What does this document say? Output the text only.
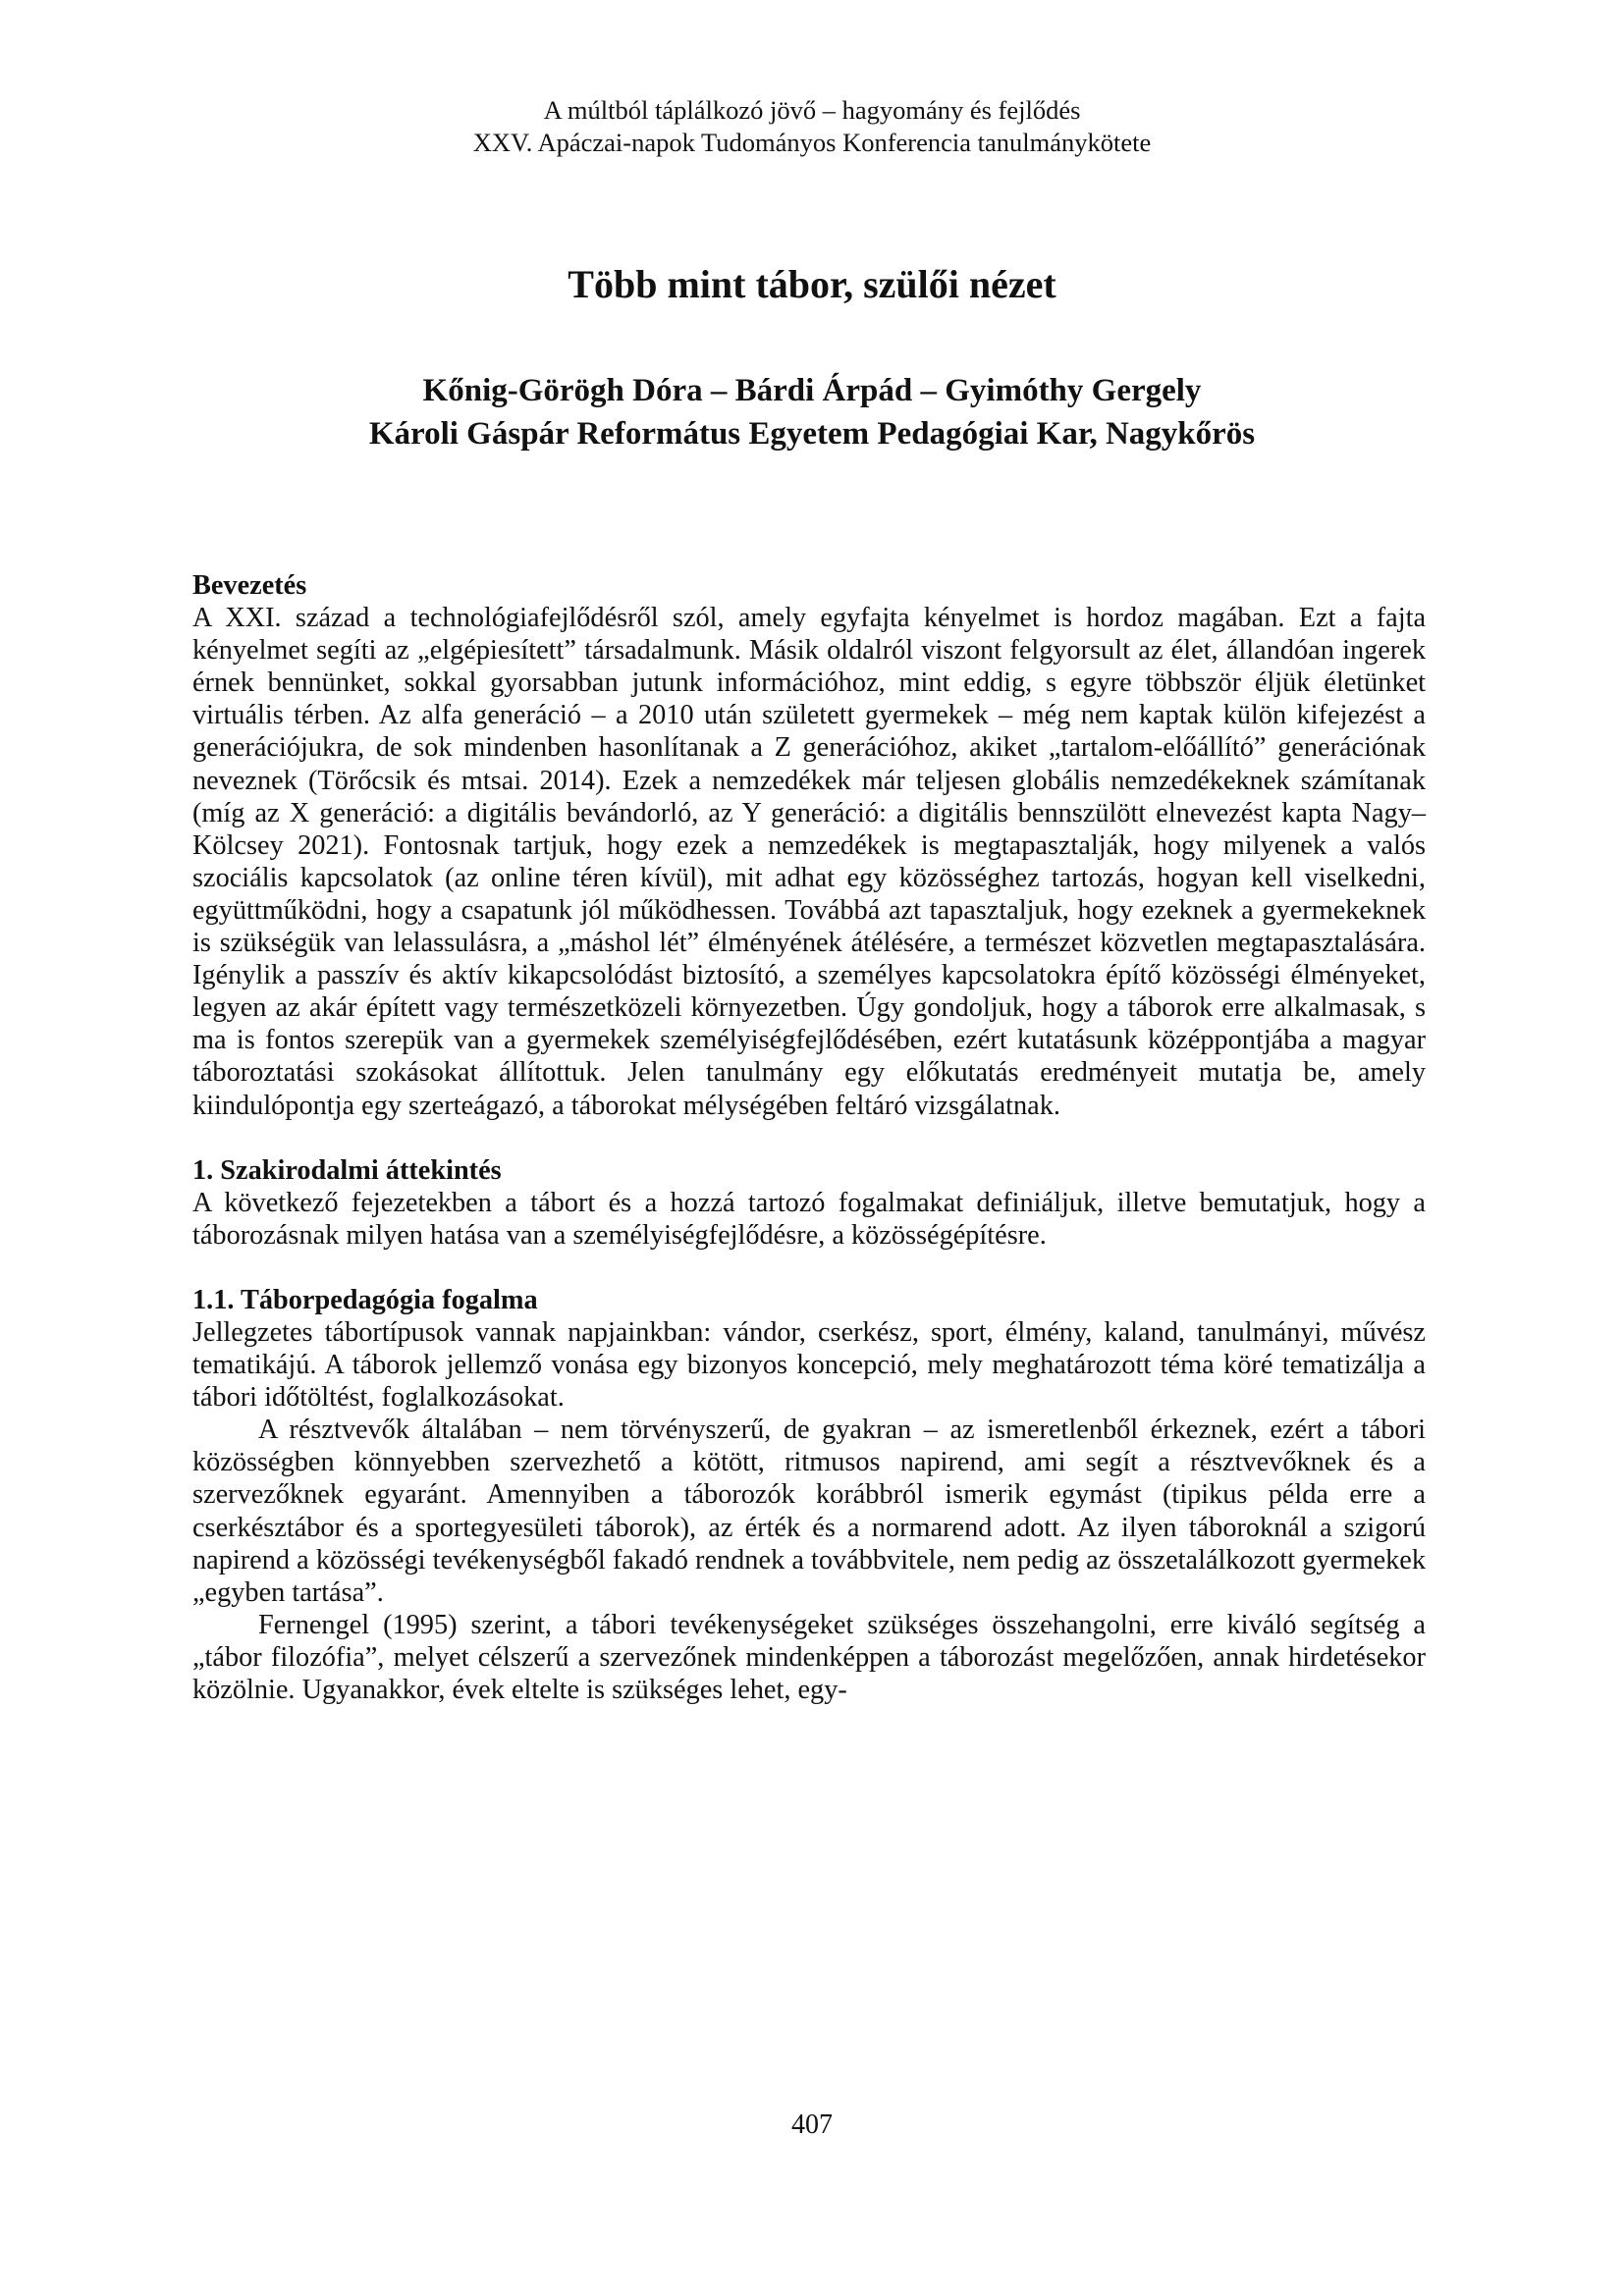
A múltból táplálkozó jövő – hagyomány és fejlődés
XXV. Apáczai-napok Tudományos Konferencia tanulmánykötete
Több mint tábor, szülői nézet
Kőnig-Görögh Dóra – Bárdi Árpád – Gyimóthy Gergely
Károli Gáspár Református Egyetem Pedagógiai Kar, Nagykőrös

Bevezetés

A XXI. század a technológiafejlődésről szól, amely egyfajta kényelmet is hordoz magában. Ezt a fajta kényelmet segíti az „elgépiesített” társadalmunk. Másik oldalról viszont felgyorsult az élet, állandóan ingerek érnek bennünket, sokkal gyorsabban jutunk információhoz, mint eddig, s egyre többször éljük életünket virtuális térben. Az alfa generáció – a 2010 után született gyermekek – még nem kaptak külön kifejezést a generációjukra, de sok mindenben hasonlítanak a Z generációhoz, akiket „tartalom-előállító” generációnak neveznek (Törőcsik és mtsai. 2014). Ezek a nemzedékek már teljesen globális nemzedékeknek számítanak (míg az X generáció: a digitális bevándorló, az Y generáció: a digitális bennszülött elnevezést kapta Nagy–Kölcsey 2021). Fontosnak tartjuk, hogy ezek a nemzedékek is megtapasztalják, hogy milyenek a valós szociális kapcsolatok (az online téren kívül), mit adhat egy közösséghez tartozás, hogyan kell viselkedni, együttműködni, hogy a csapatunk jól működhessen. Továbbá azt tapasztaljuk, hogy ezeknek a gyermekeknek is szükségük van lelassulásra, a „máshol lét” élményének átélésére, a természet közvetlen megtapasztalására. Igénylik a passzív és aktív kikapcsolódást biztosító, a személyes kapcsolatokra építő közösségi élményeket, legyen az akár épített vagy természetközeli környezetben. Úgy gondoljuk, hogy a táborok erre alkalmasak, s ma is fontos szerepük van a gyermekek személyiségfejlődésében, ezért kutatásunk középpontjába a magyar táboroztatási szokásokat állítottuk. Jelen tanulmány egy előkutatás eredményeit mutatja be, amely kiindulópontja egy szerteágazó, a táborokat mélységében feltáró vizsgálatnak.

1. Szakirodalmi áttekintés

A következő fejezetekben a tábort és a hozzá tartozó fogalmakat definiáljuk, illetve bemutatjuk, hogy a táborozásnak milyen hatása van a személyiségfejlődésre, a közösségépítésre.

1.1. Táborpedagógia fogalma

Jellegzetes tábortípusok vannak napjainkban: vándor, cserkész, sport, élmény, kaland, tanulmányi, művész tematikájú. A táborok jellemző vonása egy bizonyos koncepció, mely meghatározott téma köré tematizálja a tábori időtöltést, foglalkozásokat.

A résztvevők általában – nem törvényszerű, de gyakran – az ismeretlenből érkeznek, ezért a tábori közösségben könnyebben szervezhető a kötött, ritmusos napirend, ami segít a résztvevőknek és a szervezőknek egyaránt. Amennyiben a táborozók korábbról ismerik egymást (tipikus példa erre a cserkésztábor és a sportegyesületi táborok), az érték és a normarend adott. Az ilyen táboroknál a szigorú napirend a közösségi tevékenységből fakadó rendnek a továbbvitele, nem pedig az összetalálkozott gyermekek „egyben tartása”.

Fernengel (1995) szerint, a tábori tevékenységeket szükséges összehangolni, erre kiváló segítség a „tábor filozófia”, melyet célszerű a szervezőnek mindenképpen a táborozást megelőzően, annak hirdetésekor közölnie. Ugyanakkor, évek eltelte is szükséges lehet, egy-

407
